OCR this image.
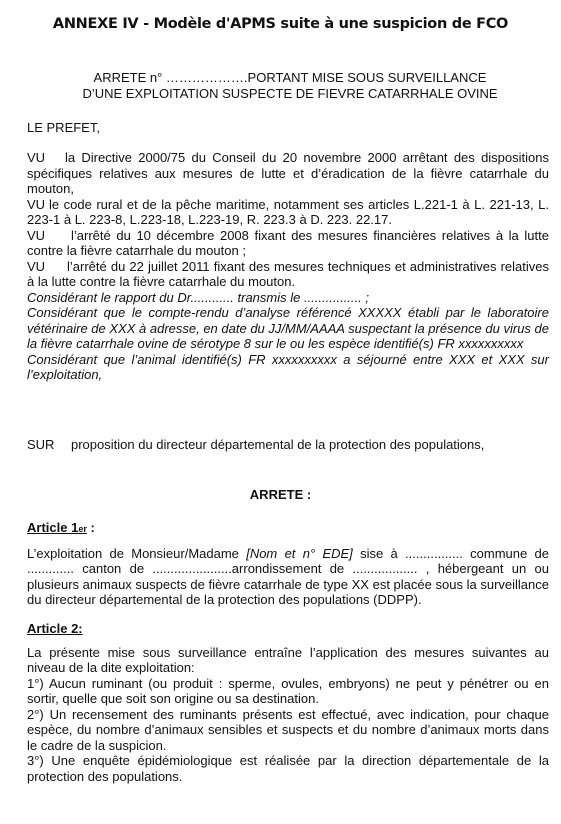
ANNEXE IV - Modèle d'APMS suite à une suspicion de FCO
ARRETE n° ……………….PORTANT MISE SOUS SURVEILLANCE
D’UNE EXPLOITATION SUSPECTE DE FIEVRE CATARRHALE OVINE
LE PREFET,

VU la Directive 2000/75 du Conseil du 20 novembre 2000 arrêtant des dispositions spécifiques relatives aux mesures de lutte et d’éradication de la fièvre catarrhale du mouton,

VU le code rural et de la pêche maritime, notamment ses articles L.221-1 à L. 221-13, L. 223-1 à L. 223-8, L.223-18, L.223-19, R. 223.3 à D. 223. 22.17.

VU l’arrêté du 10 décembre 2008 fixant des mesures financières relatives à la lutte contre la fièvre catarrhale du mouton ;

VU l’arrêté du 22 juillet 2011 fixant des mesures techniques et administratives relatives à la lutte contre la fièvre catarrhale du mouton.

Considérant le rapport du Dr............ transmis le ................ ;

Considérant que le compte-rendu d’analyse référencé XXXXX établi par le laboratoire vétérinaire de XXX à adresse, en date du JJ/MM/AAAA suspectant la présence du virus de la fièvre catarrhale ovine de sérotype 8 sur le ou les espèce identifié(s) FR xxxxxxxxxx

Considérant que l’animal identifié(s) FR xxxxxxxxxx a séjourné entre XXX et XXX sur l’exploitation,

SUR proposition du directeur départemental de la protection des populations,
ARRETE :
Article 1er :

L’exploitation de Monsieur/Madame [Nom et n° EDE] sise à ................ commune de ............. canton de ......................arrondissement de .................. , hébergeant un ou plusieurs animaux suspects de fièvre catarrhale de type XX est placée sous la surveillance du directeur départemental de la protection des populations (DDPP).

Article 2:

La présente mise sous surveillance entraîne l’application des mesures suivantes au niveau de la dite exploitation:

1°) Aucun ruminant (ou produit : sperme, ovules, embryons) ne peut y pénétrer ou en sortir, quelle que soit son origine ou sa destination.

2°) Un recensement des ruminants présents est effectué, avec indication, pour chaque espèce, du nombre d’animaux sensibles et suspects et du nombre d’animaux morts dans le cadre de la suspicion.

3°) Une enquête épidémiologique est réalisée par la direction départementale de la protection des populations.
